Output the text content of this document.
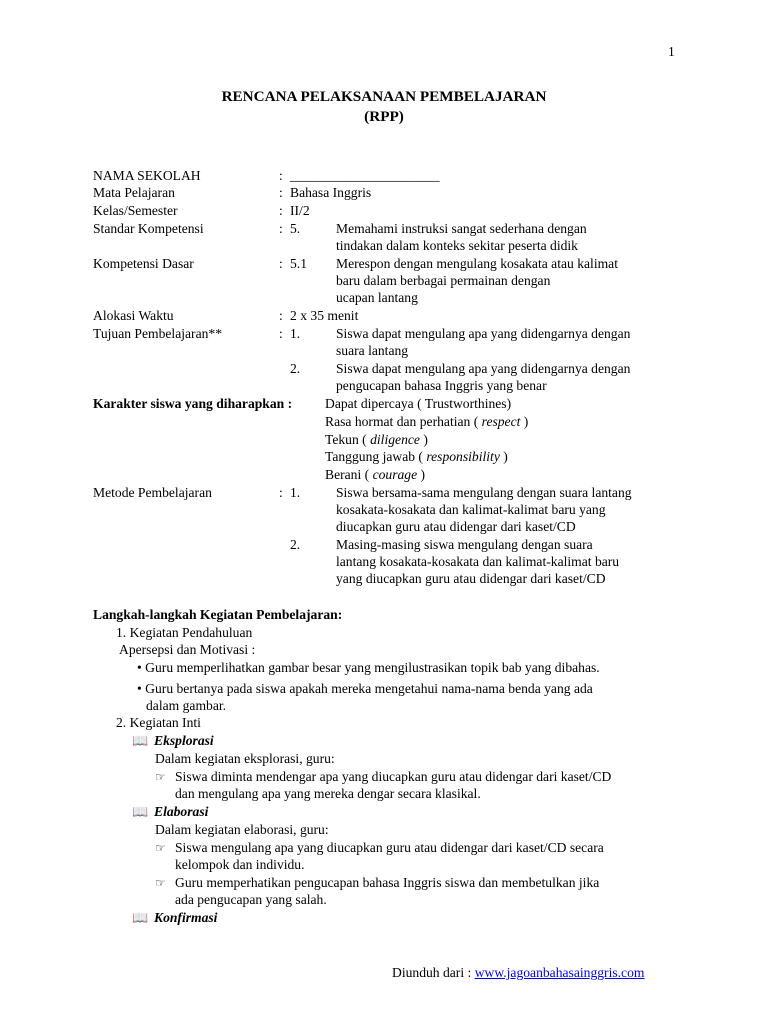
1
RENCANA PELAKSANAAN PEMBELAJARAN
(RPP)
NAMA SEKOLAH	: ______________________
Mata Pelajaran	: Bahasa Inggris
Kelas/Semester	: II/2
Standar Kompetensi	: 5.	Memahami instruksi sangat sederhana dengan
tindakan dalam konteks sekitar peserta didik
Kompetensi Dasar	: 5.1 Merespon dengan mengulang kosakata atau kalimat
baru dalam berbagai permainan dengan
ucapan lantang
Alokasi Waktu	: 2 x 35 menit
Tujuan Pembelajaran**	: 1.	Siswa dapat mengulang apa yang didengarnya dengan
suara lantang
2.	Siswa dapat mengulang apa yang didengarnya dengan
pengucapan bahasa Inggris yang benar
Karakter siswa yang diharapkan : Dapat dipercaya ( Trustworthines)
Rasa hormat dan perhatian ( respect )
Tekun ( diligence )
Tanggung jawab ( responsibility )
Berani ( courage )
Metode Pembelajaran	: 1.	Siswa bersama-sama mengulang dengan suara lantang
kosakata-kosakata dan kalimat-kalimat baru yang
diucapkan guru atau didengar dari kaset/CD
2.	Masing-masing siswa mengulang dengan suara
lantang kosakata-kosakata dan kalimat-kalimat baru
yang diucapkan guru atau didengar dari kaset/CD
Langkah-langkah Kegiatan Pembelajaran:
1. Kegiatan Pendahuluan
Apersepsi dan Motivasi :
• Guru memperlihatkan gambar besar yang mengilustrasikan topik bab yang dibahas.
• Guru bertanya pada siswa apakah mereka mengetahui nama-nama benda yang ada
dalam gambar.
2. Kegiatan Inti
📖 Eksplorasi
Dalam kegiatan eksplorasi, guru:
☞ Siswa diminta mendengar apa yang diucapkan guru atau didengar dari kaset/CD
dan mengulang apa yang mereka dengar secara klasikal.
📖 Elaborasi
Dalam kegiatan elaborasi, guru:
☞ Siswa mengulang apa yang diucapkan guru atau didengar dari kaset/CD secara
kelompok dan individu.
☞ Guru memperhatikan pengucapan bahasa Inggris siswa dan membetulkan jika
ada pengucapan yang salah.
📖 Konfirmasi
Diunduh dari : www.jagoanbahasainggris.com
